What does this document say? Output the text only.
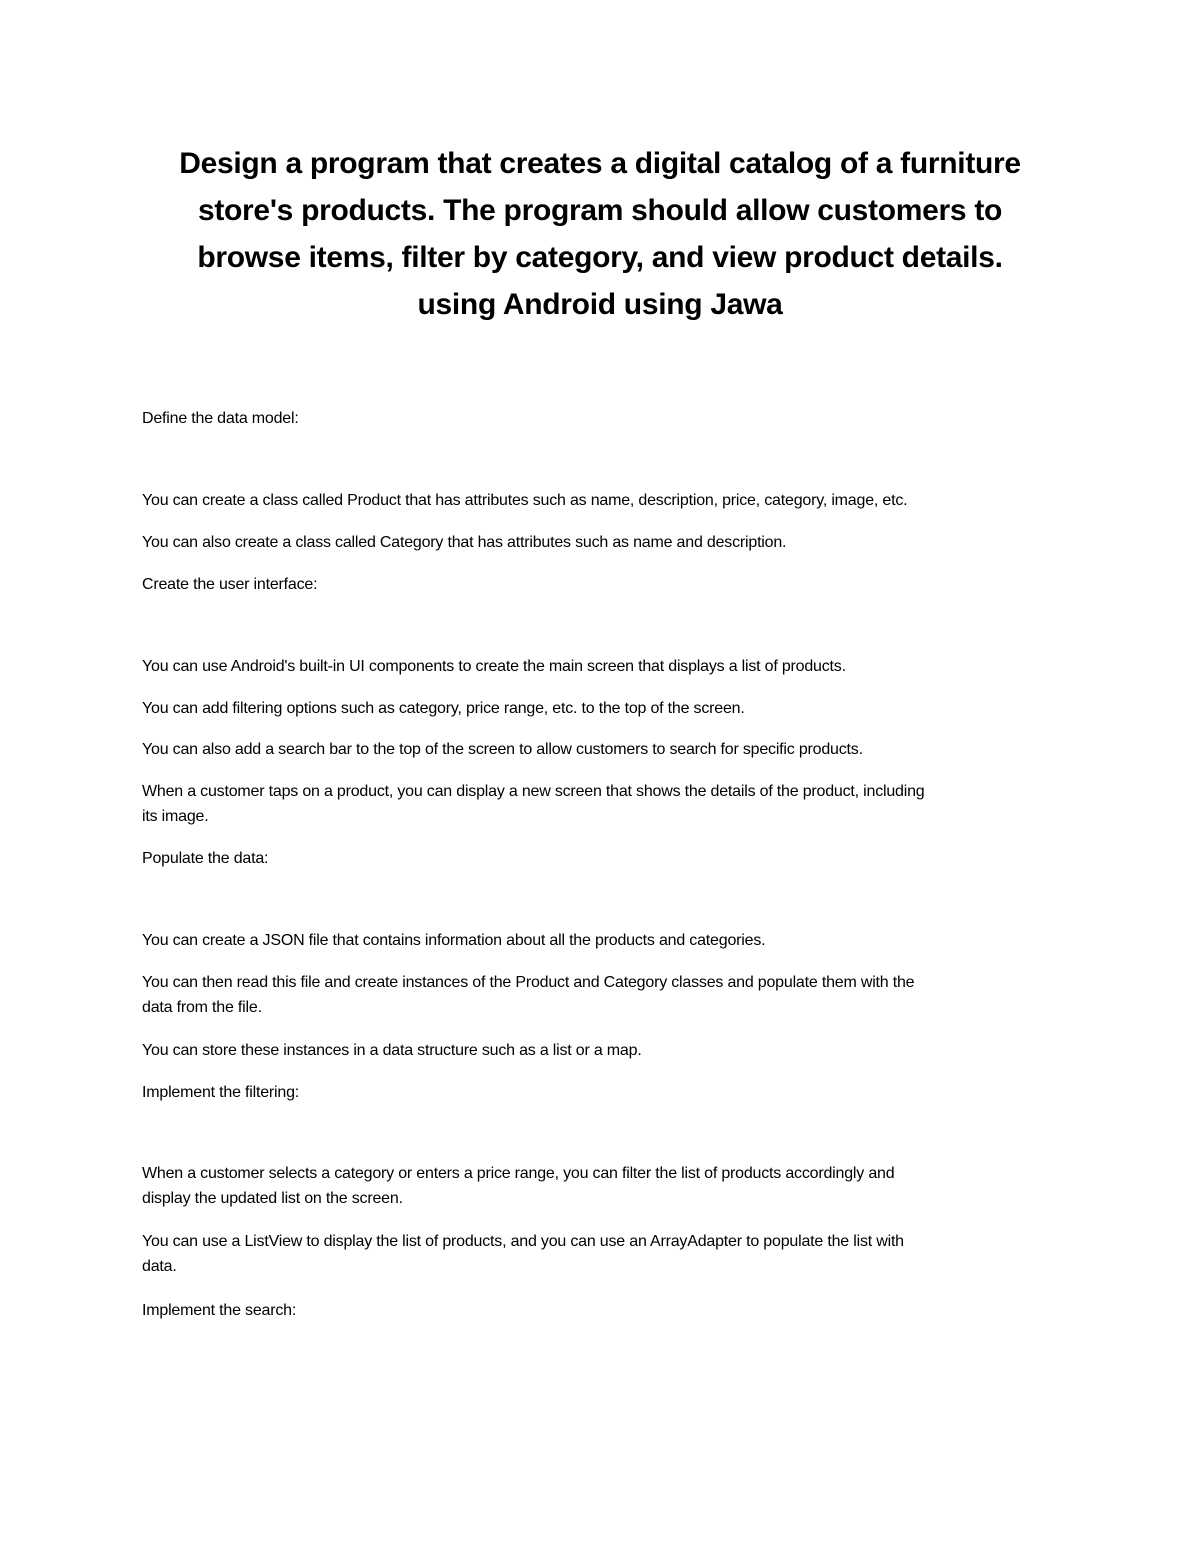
Design a program that creates a digital catalog of a furniture
store's products. The program should allow customers to
browse items, filter by category, and view product details.
using Android using Jawa
Define the data model:
You can create a class called Product that has attributes such as name, description, price, category, image, etc.
You can also create a class called Category that has attributes such as name and description.
Create the user interface:
You can use Android's built-in UI components to create the main screen that displays a list of products.
You can add filtering options such as category, price range, etc. to the top of the screen.
You can also add a search bar to the top of the screen to allow customers to search for specific products.
When a customer taps on a product, you can display a new screen that shows the details of the product, including
its image.
Populate the data:
You can create a JSON file that contains information about all the products and categories.
You can then read this file and create instances of the Product and Category classes and populate them with the
data from the file.
You can store these instances in a data structure such as a list or a map.
Implement the filtering:
When a customer selects a category or enters a price range, you can filter the list of products accordingly and
display the updated list on the screen.
You can use a ListView to display the list of products, and you can use an ArrayAdapter to populate the list with
data.
Implement the search:
